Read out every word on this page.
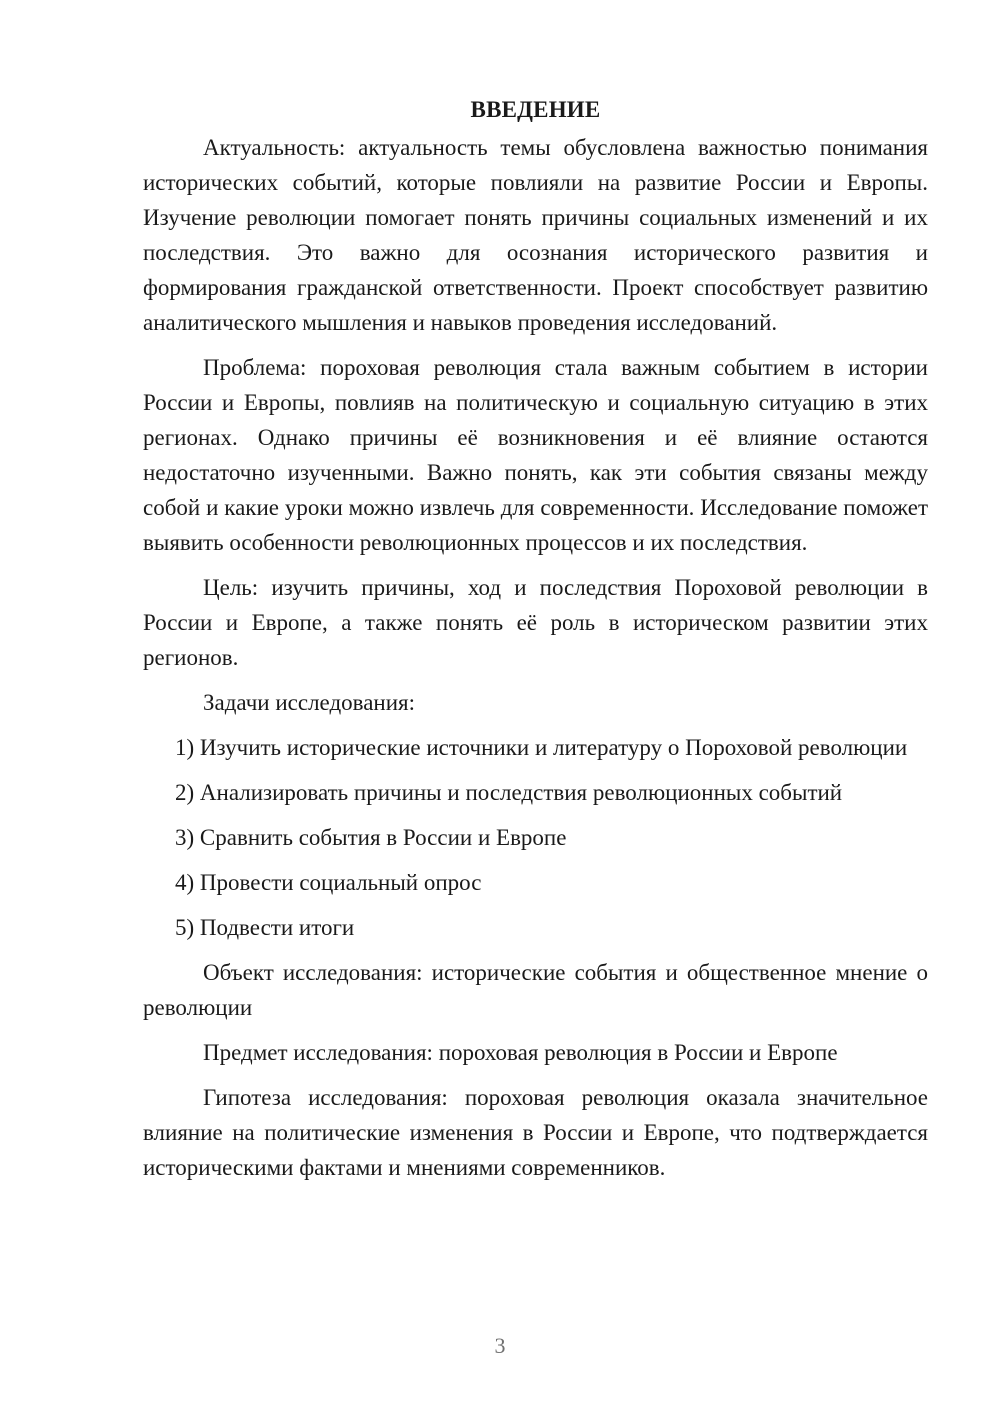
ВВЕДЕНИЕ

Актуальность: актуальность темы обусловлена важностью понимания исторических событий, которые повлияли на развитие России и Европы. Изучение революции помогает понять причины социальных изменений и их последствия. Это важно для осознания исторического развития и формирования гражданской ответственности. Проект способствует развитию аналитического мышления и навыков проведения исследований.

Проблема: пороховая революция стала важным событием в истории России и Европы, повлияв на политическую и социальную ситуацию в этих регионах. Однако причины её возникновения и её влияние остаются недостаточно изученными. Важно понять, как эти события связаны между собой и какие уроки можно извлечь для современности. Исследование поможет выявить особенности революционных процессов и их последствия.

Цель: изучить причины, ход и последствия Пороховой революции в России и Европе, а также понять её роль в историческом развитии этих регионов.

Задачи исследования:

1) Изучить исторические источники и литературу о Пороховой революции
2) Анализировать причины и последствия революционных событий
3) Сравнить события в России и Европе
4) Провести социальный опрос
5) Подвести итоги

Объект исследования: исторические события и общественное мнение о революции

Предмет исследования: пороховая революция в России и Европе

Гипотеза исследования: пороховая революция оказала значительное влияние на политические изменения в России и Европе, что подтверждается историческими фактами и мнениями современников.

3
